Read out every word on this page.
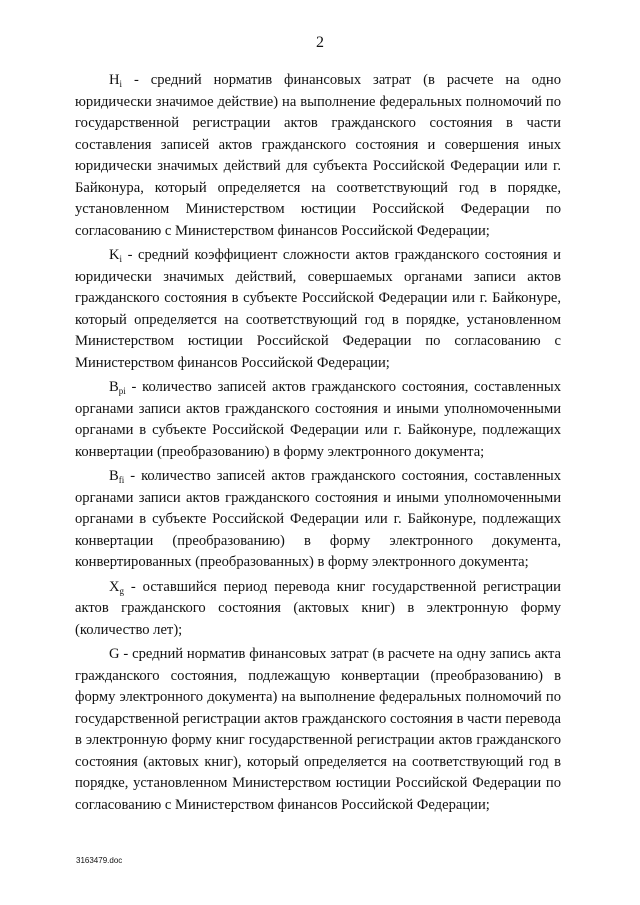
2

$H_i$ - средний норматив финансовых затрат (в расчете на одно юридически значимое действие) на выполнение федеральных полномочий по государственной регистрации актов гражданского состояния в части составления записей актов гражданского состояния и совершения иных юридически значимых действий для субъекта Российской Федерации или г. Байконура, который определяется на соответствующий год в порядке, установленном Министерством юстиции Российской Федерации по согласованию с Министерством финансов Российской Федерации;

$K_i$ - средний коэффициент сложности актов гражданского состояния и юридически значимых действий, совершаемых органами записи актов гражданского состояния в субъекте Российской Федерации или г. Байконуре, который определяется на соответствующий год в порядке, установленном Министерством юстиции Российской Федерации по согласованию с Министерством финансов Российской Федерации;

$B_{pi}$ - количество записей актов гражданского состояния, составленных органами записи актов гражданского состояния и иными уполномоченными органами в субъекте Российской Федерации или г. Байконуре, подлежащих конвертации (преобразованию) в форму электронного документа;

$B_{fi}$ - количество записей актов гражданского состояния, составленных органами записи актов гражданского состояния и иными уполномоченными органами в субъекте Российской Федерации или г. Байконуре, подлежащих конвертации (преобразованию) в форму электронного документа, конвертированных (преобразованных) в форму электронного документа;

$X_g$ - оставшийся период перевода книг государственной регистрации актов гражданского состояния (актовых книг) в электронную форму (количество лет);

G - средний норматив финансовых затрат (в расчете на одну запись акта гражданского состояния, подлежащую конвертации (преобразованию) в форму электронного документа) на выполнение федеральных полномочий по государственной регистрации актов гражданского состояния в части перевода в электронную форму книг государственной регистрации актов гражданского состояния (актовых книг), который определяется на соответствующий год в порядке, установленном Министерством юстиции Российской Федерации по согласованию с Министерством финансов Российской Федерации;

3163479.doc
